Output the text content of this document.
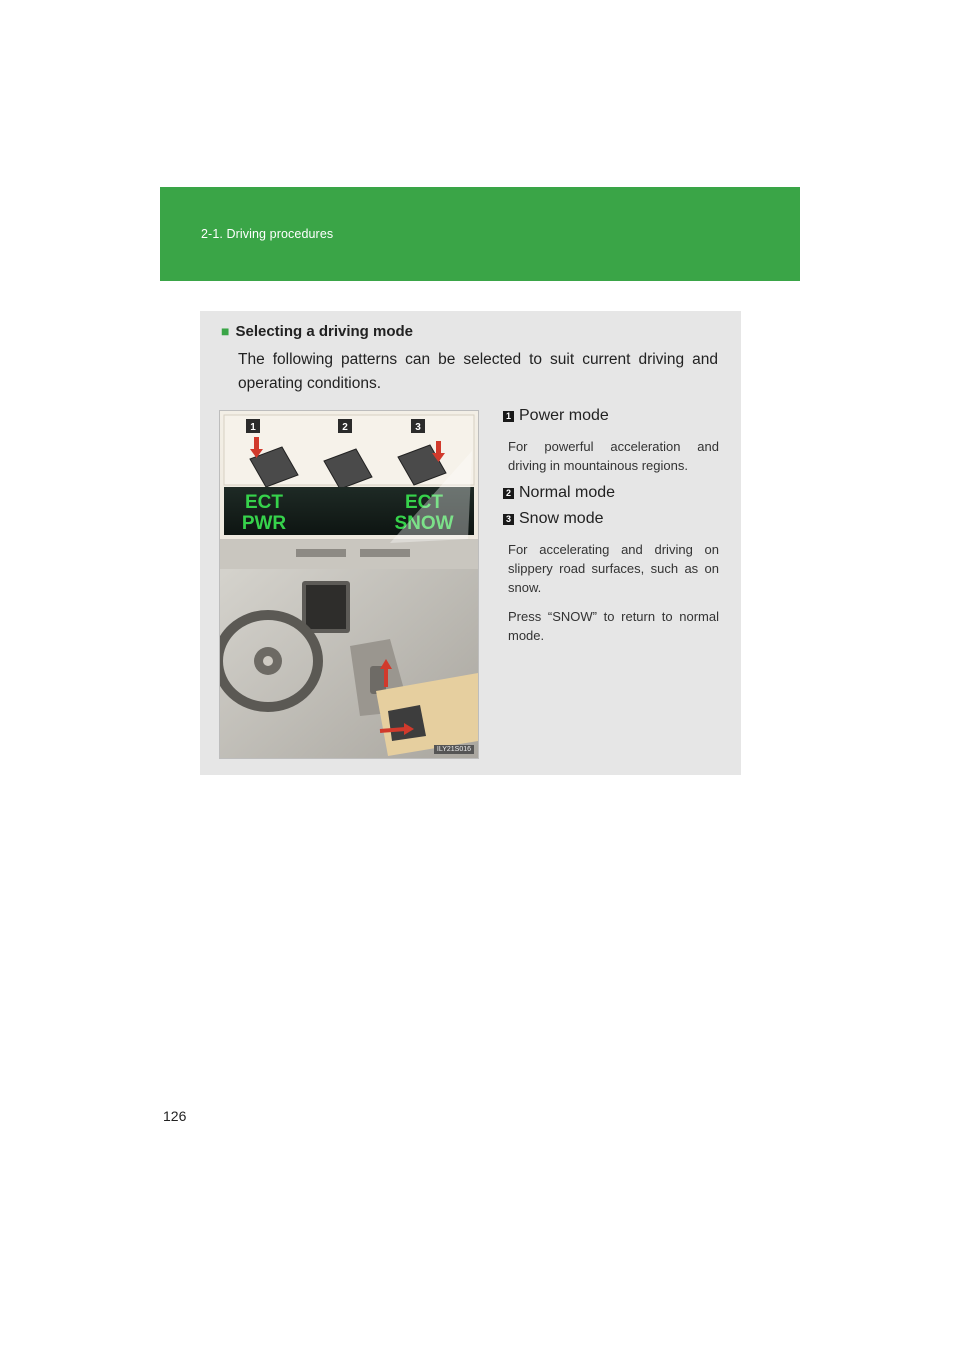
2-1. Driving procedures
■ Selecting a driving mode
The following patterns can be selected to suit current driving and operating conditions.
1	2	3
ECT
PWR
ECT
SNOW
ILY21S016
1 Power mode
For powerful acceleration and driving in mountainous regions.
2 Normal mode
3 Snow mode
For accelerating and driving on slippery road surfaces, such as on snow.
Press “SNOW” to return to normal mode.
126
